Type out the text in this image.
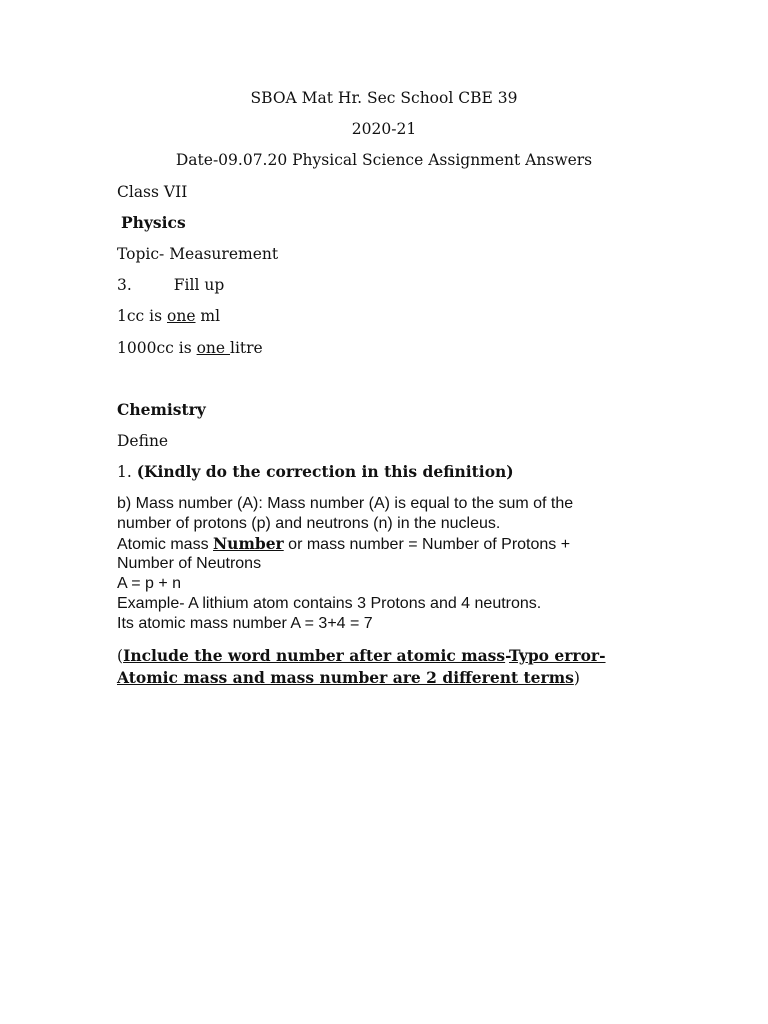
SBOA Mat Hr. Sec School CBE 39

2020-21

Date-09.07.20 Physical Science Assignment Answers

Class VII

Physics

Topic- Measurement

3.	Fill up

1cc is one ml

1000cc is one litre

Chemistry

Define

1. (Kindly do the correction in this definition)

b) Mass number (A): Mass number (A) is equal to the sum of the

number of protons (p) and neutrons (n) in the nucleus.

Atomic mass Number or mass number = Number of Protons +

Number of Neutrons

A = p + n

Example- A lithium atom contains 3 Protons and 4 neutrons.

Its atomic mass number A = 3+4 = 7

(Include the word number after atomic mass-Typo error-

Atomic mass and mass number are 2 different terms)
